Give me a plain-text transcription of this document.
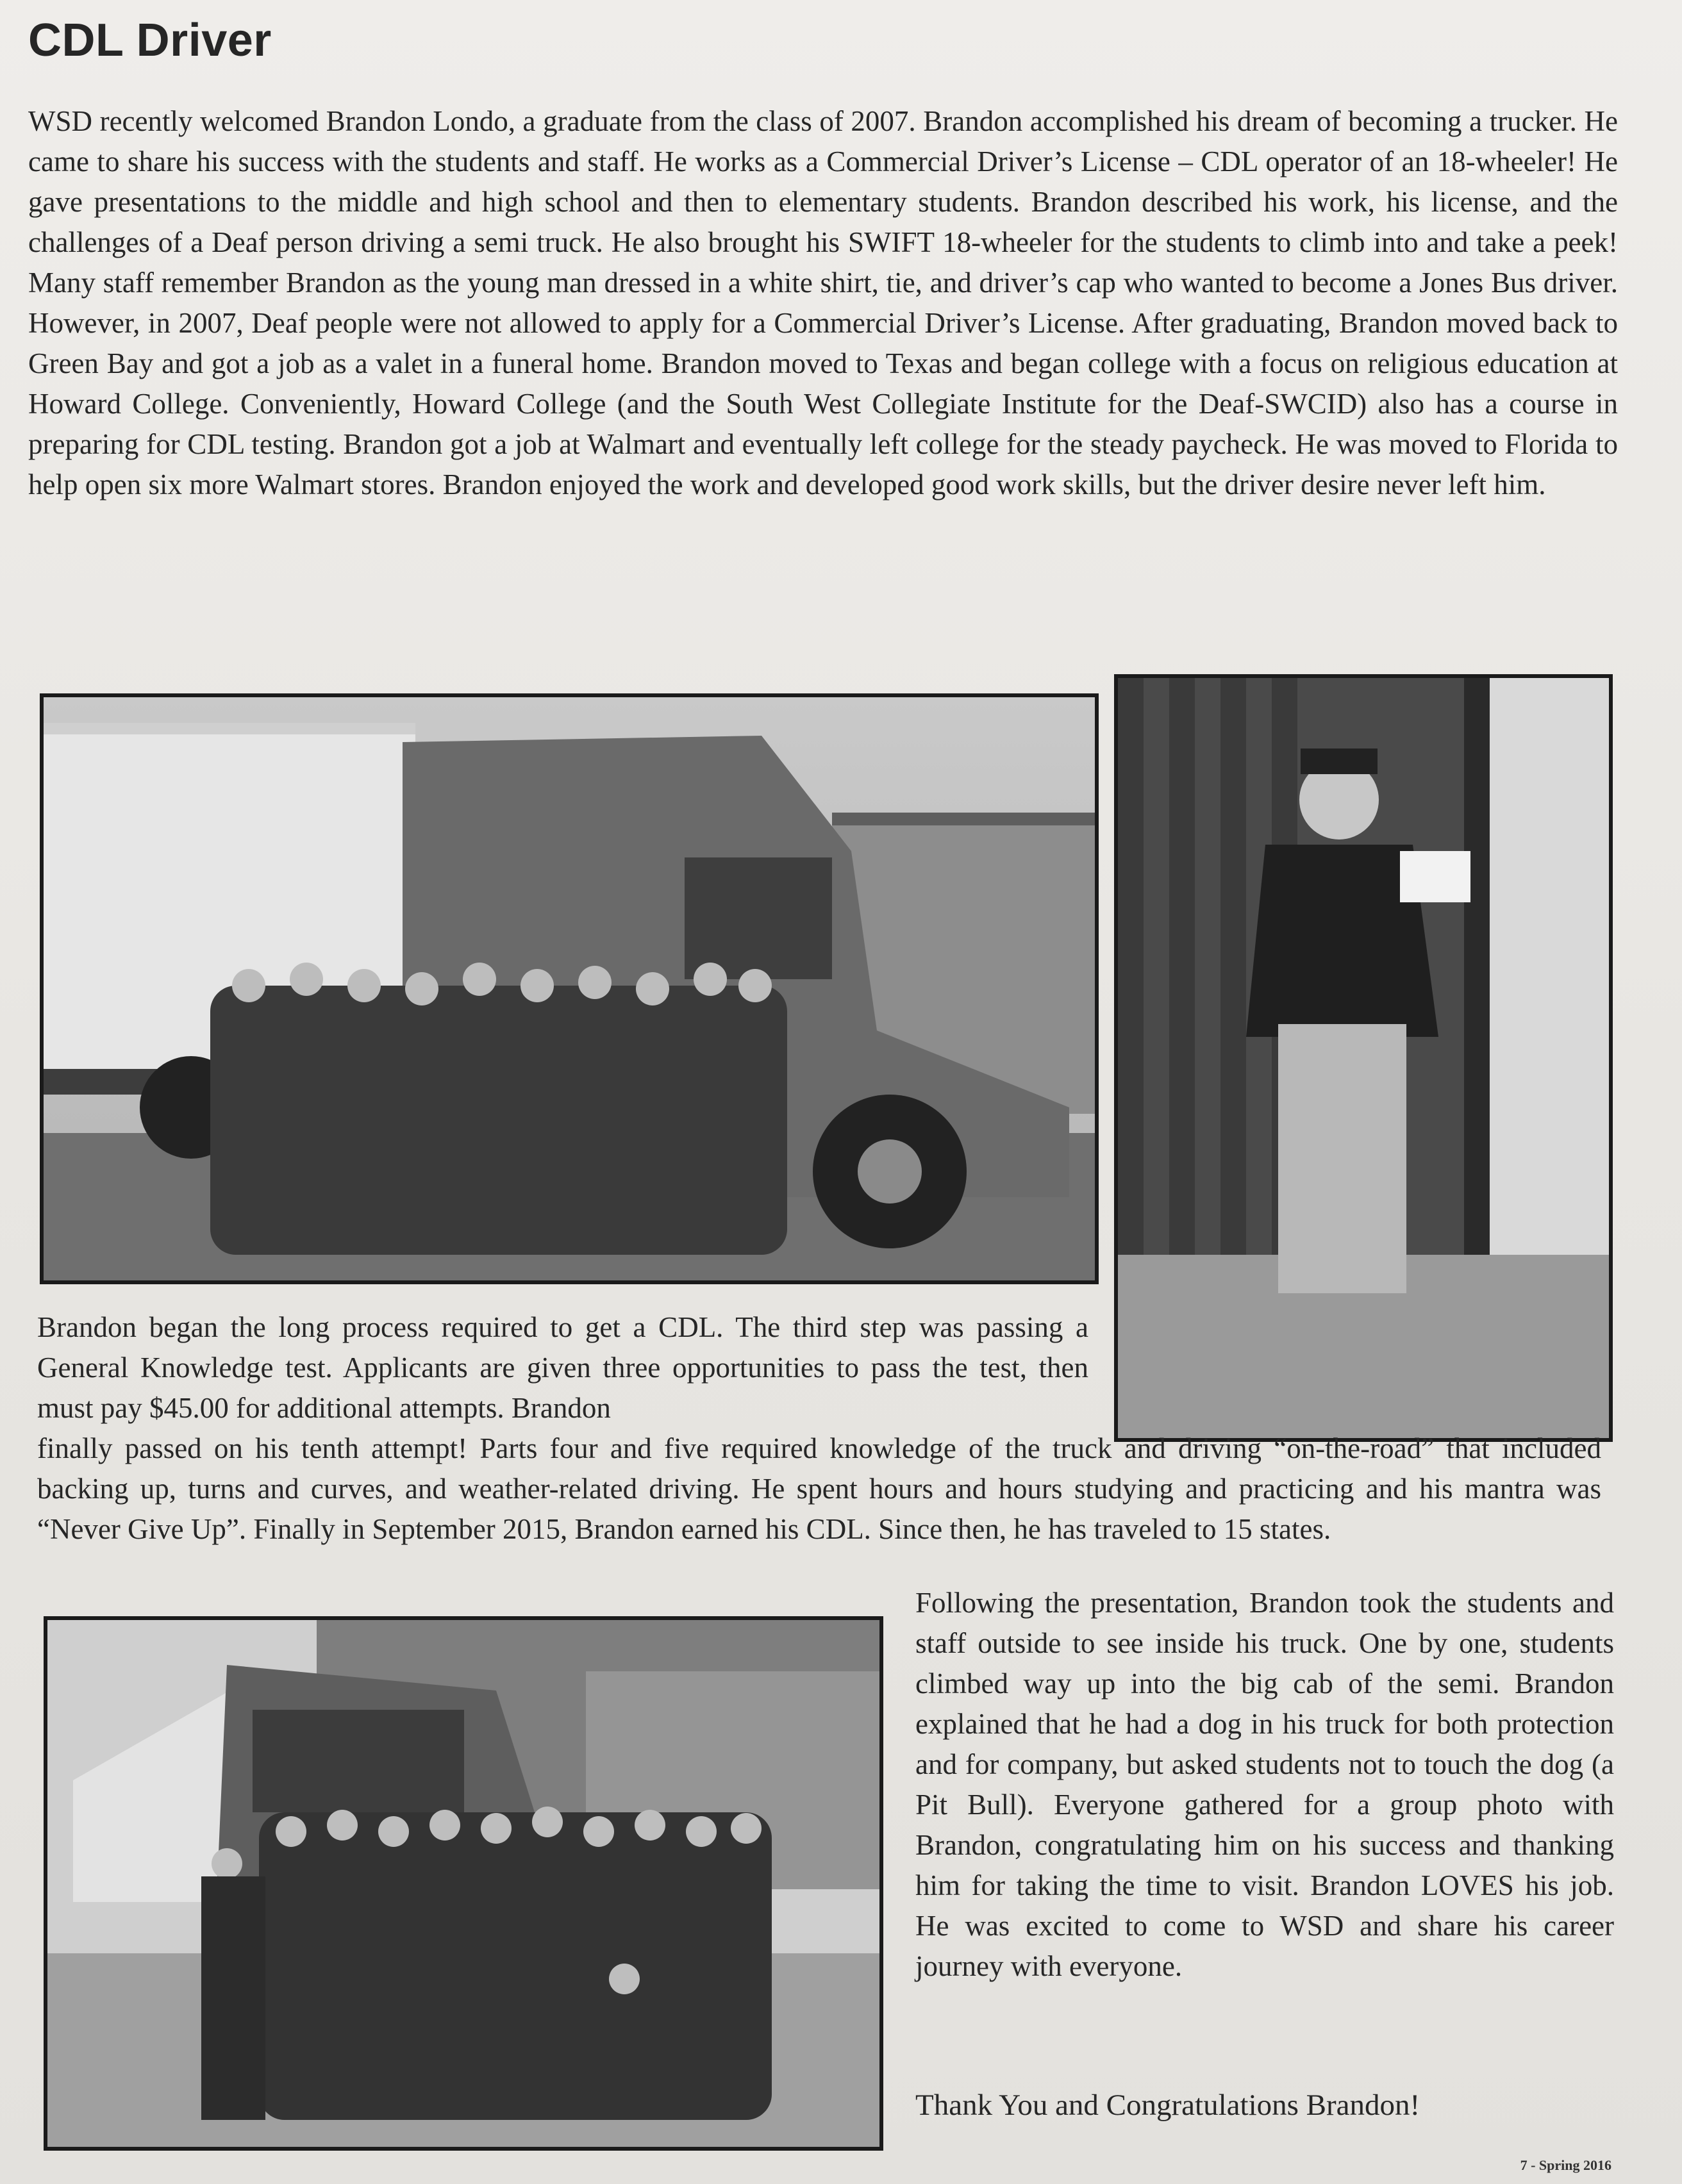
CDL Driver

WSD recently welcomed Brandon Londo, a graduate from the class of 2007. Brandon accomplished his dream of becoming a trucker. He came to share his success with the students and staff. He works as a Commercial Driver’s License – CDL operator of an 18-wheeler! He gave presentations to the middle and high school and then to elementary students. Brandon described his work, his license, and the challenges of a Deaf person driving a semi truck. He also brought his SWIFT 18-wheeler for the students to climb into and take a peek! Many staff remember Brandon as the young man dressed in a white shirt, tie, and driver’s cap who wanted to become a Jones Bus driver. However, in 2007, Deaf people were not allowed to apply for a Commercial Driver’s License. After graduating, Brandon moved back to Green Bay and got a job as a valet in a funeral home. Brandon moved to Texas and began college with a focus on religious education at Howard College. Conveniently, Howard College (and the South West Collegiate Institute for the Deaf-SWCID) also has a course in preparing for CDL testing. Brandon got a job at Walmart and eventually left college for the steady paycheck. He was moved to Florida to help open six more Walmart stores. Brandon enjoyed the work and developed good work skills, but the driver desire never left him.

Brandon began the long process required to get a CDL. The third step was passing a General Knowledge test. Applicants are given three opportunities to pass the test, then must pay $45.00 for additional attempts. Brandon

finally passed on his tenth attempt! Parts four and five required knowledge of the truck and driving “on-the-road” that included backing up, turns and curves, and weather-related driving. He spent hours and hours studying and practicing and his mantra was “Never Give Up”. Finally in September 2015, Brandon earned his CDL. Since then, he has traveled to 15 states.

Following the presentation, Brandon took the students and staff outside to see inside his truck. One by one, students climbed way up into the big cab of the semi. Brandon explained that he had a dog in his truck for both protection and for company, but asked students not to touch the dog (a Pit Bull). Everyone gathered for a group photo with Brandon, congratulating him on his success and thanking him for taking the time to visit. Brandon LOVES his job. He was excited to come to WSD and share his career journey with everyone.

Thank You and Congratulations Brandon!

7 - Spring 2016
